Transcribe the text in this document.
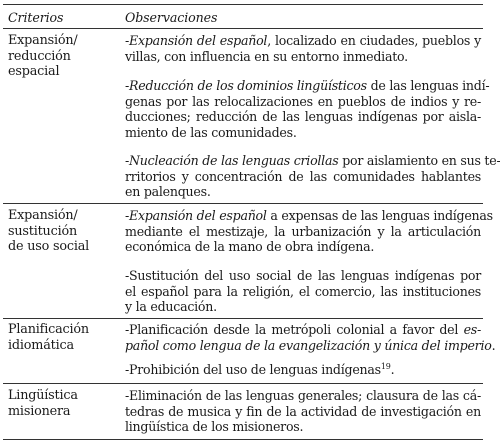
Criterios	Observaciones
Expansión/
reducción
espacial
-Expansión del español, localizado en ciudades, pueblos y
villas, con influencia en su entorno inmediato.
-Reducción de los dominios lingüísticos de las lenguas indí-
genas por las relocalizaciones en pueblos de indios y re-
ducciones; reducción de las lenguas indígenas por aisla-
miento de las comunidades.
-Nucleación de las lenguas criollas por aislamiento en sus te-
rritorios y concentración de las comunidades hablantes
en palenques.
Expansión/
sustitución
de uso social
-Expansión del español a expensas de las lenguas indígenas
mediante el mestizaje, la urbanización y la articulación
económica de la mano de obra indígena.
-Sustitución del uso social de las lenguas indígenas por
el español para la religión, el comercio, las instituciones
y la educación.
Planificación
idiomática
-Planificación desde la metrópoli colonial a favor del es-
pañol como lengua de la evangelización y única del imperio.
-Prohibición del uso de lenguas indígenas$^{19}$.
Lingüística
misionera
-Eliminación de las lenguas generales; clausura de las cá-
tedras de musica y fin de la actividad de investigación en
lingüística de los misioneros.
